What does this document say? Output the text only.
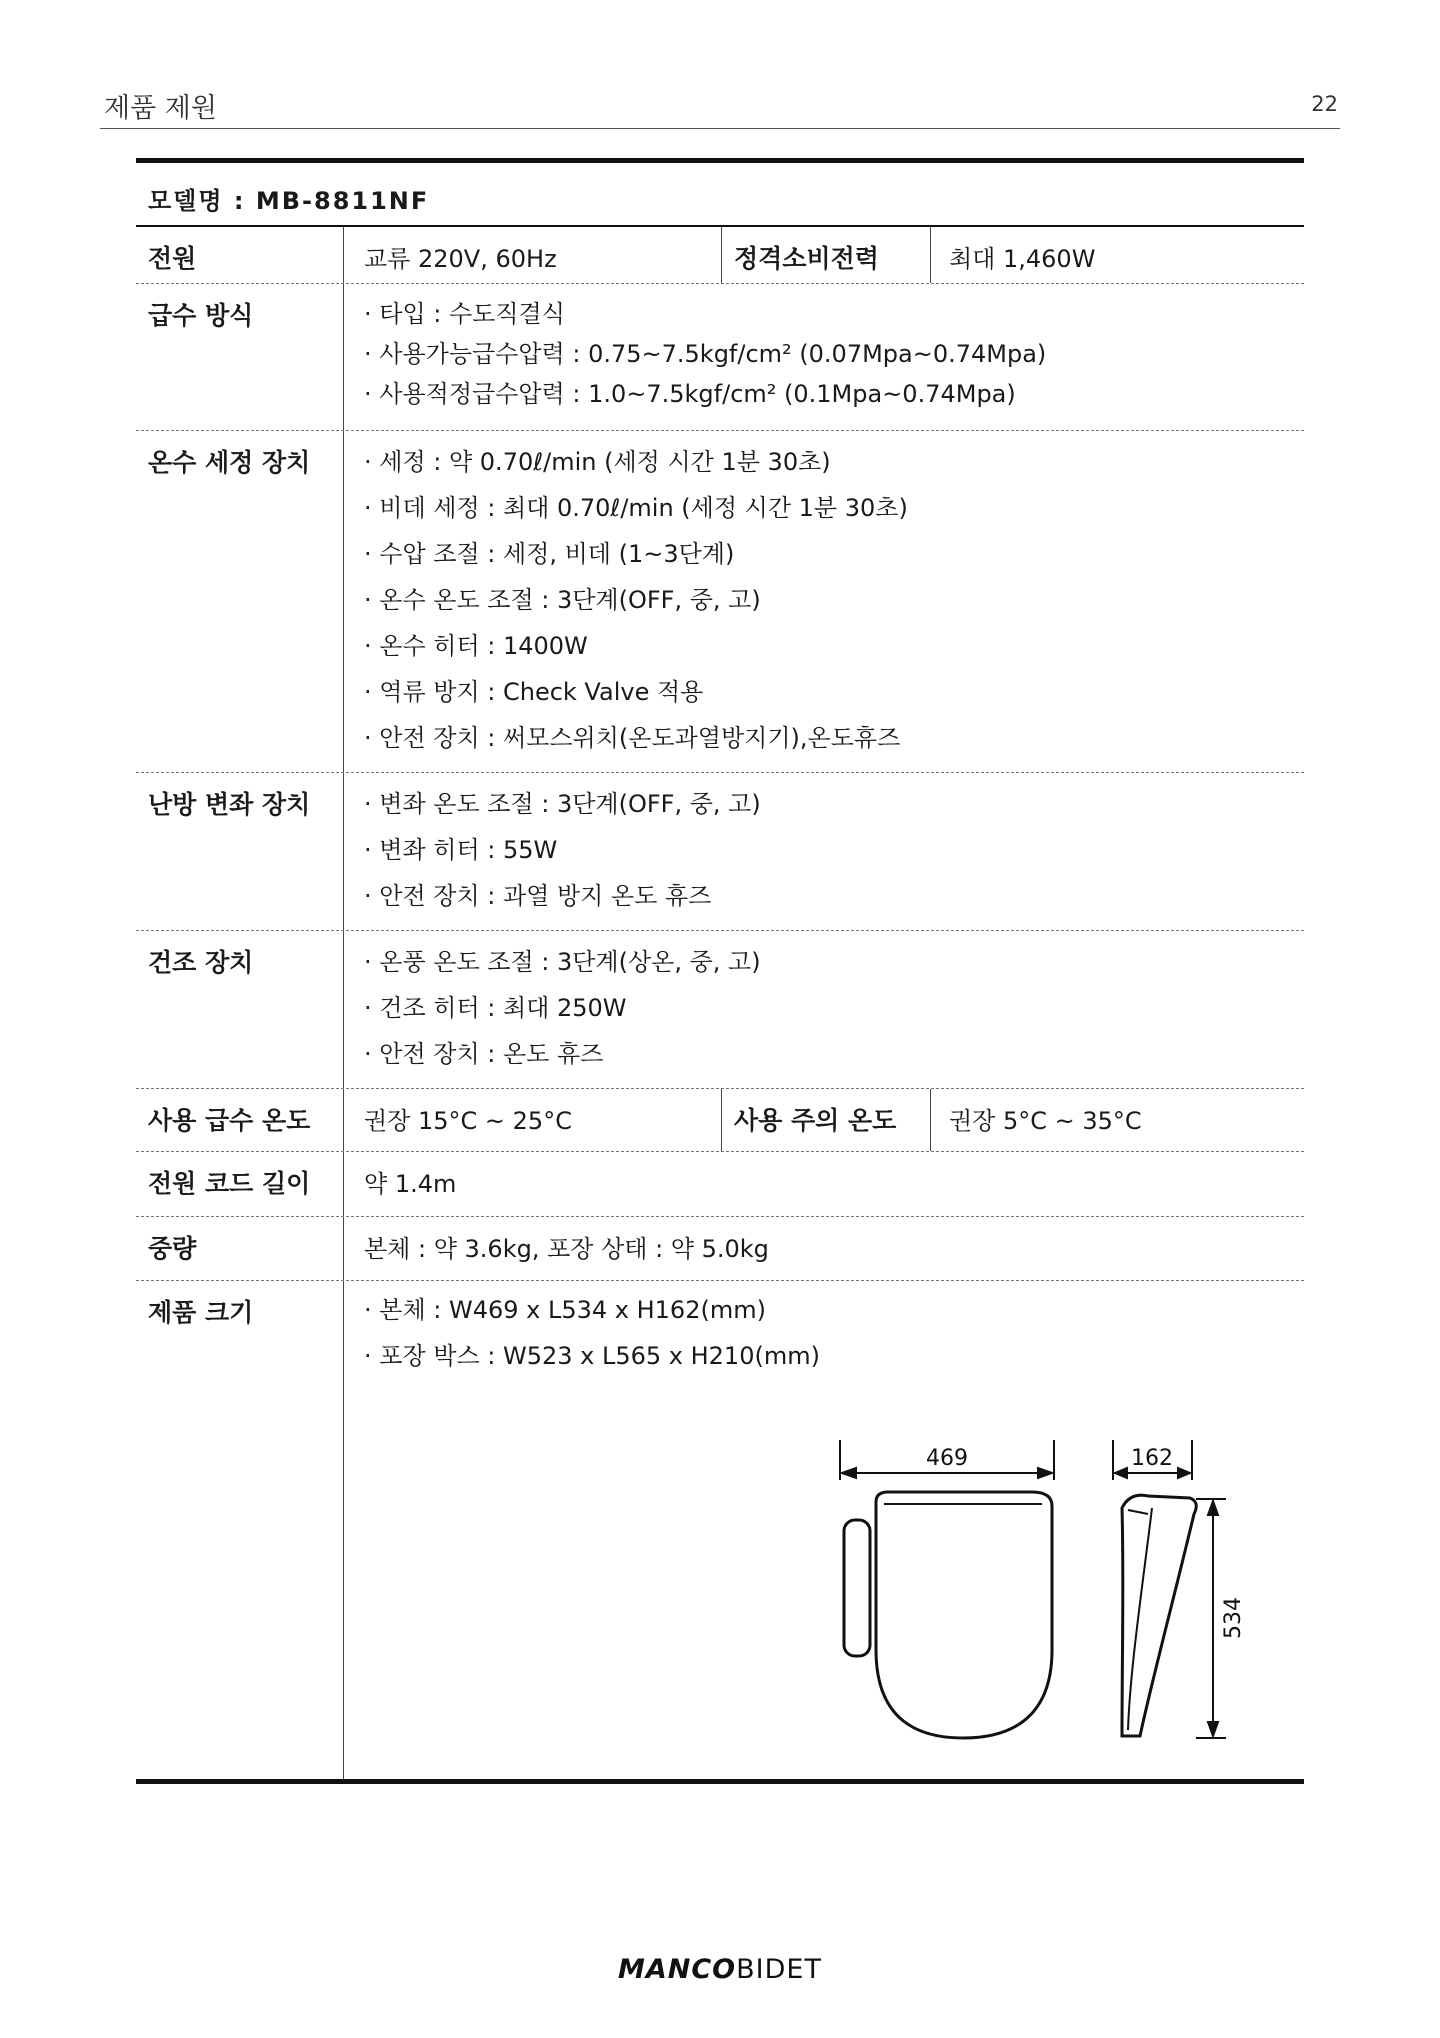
제품 제원	22
모델명 : MB-8811NF
전원	교류 220V, 60Hz	정격소비전력	최대 1,460W
급수 방식	· 타입 : 수도직결식
· 사용가능급수압력 : 0.75~7.5kgf/cm² (0.07Mpa~0.74Mpa)
· 사용적정급수압력 : 1.0~7.5kgf/cm² (0.1Mpa~0.74Mpa)
온수 세정 장치	· 세정 : 약 0.70ℓ/min (세정 시간 1분 30초)
· 비데 세정 : 최대 0.70ℓ/min (세정 시간 1분 30초)
· 수압 조절 : 세정, 비데 (1~3단계)
· 온수 온도 조절 : 3단계(OFF, 중, 고)
· 온수 히터 : 1400W
· 역류 방지 : Check Valve 적용
· 안전 장치 : 써모스위치(온도과열방지기),온도휴즈
난방 변좌 장치	· 변좌 온도 조절 : 3단계(OFF, 중, 고)
· 변좌 히터 : 55W
· 안전 장치 : 과열 방지 온도 휴즈
건조 장치	· 온풍 온도 조절 : 3단계(상온, 중, 고)
· 건조 히터 : 최대 250W
· 안전 장치 : 온도 휴즈
사용 급수 온도	권장 15°C ~ 25°C	사용 주의 온도	권장 5°C ~ 35°C
전원 코드 길이	약 1.4m
중량	본체 : 약 3.6kg, 포장 상태 : 약 5.0kg
제품 크기	· 본체 : W469 x L534 x H162(mm)
· 포장 박스 : W523 x L565 x H210(mm)
469	162
534
MANCOBIDET
